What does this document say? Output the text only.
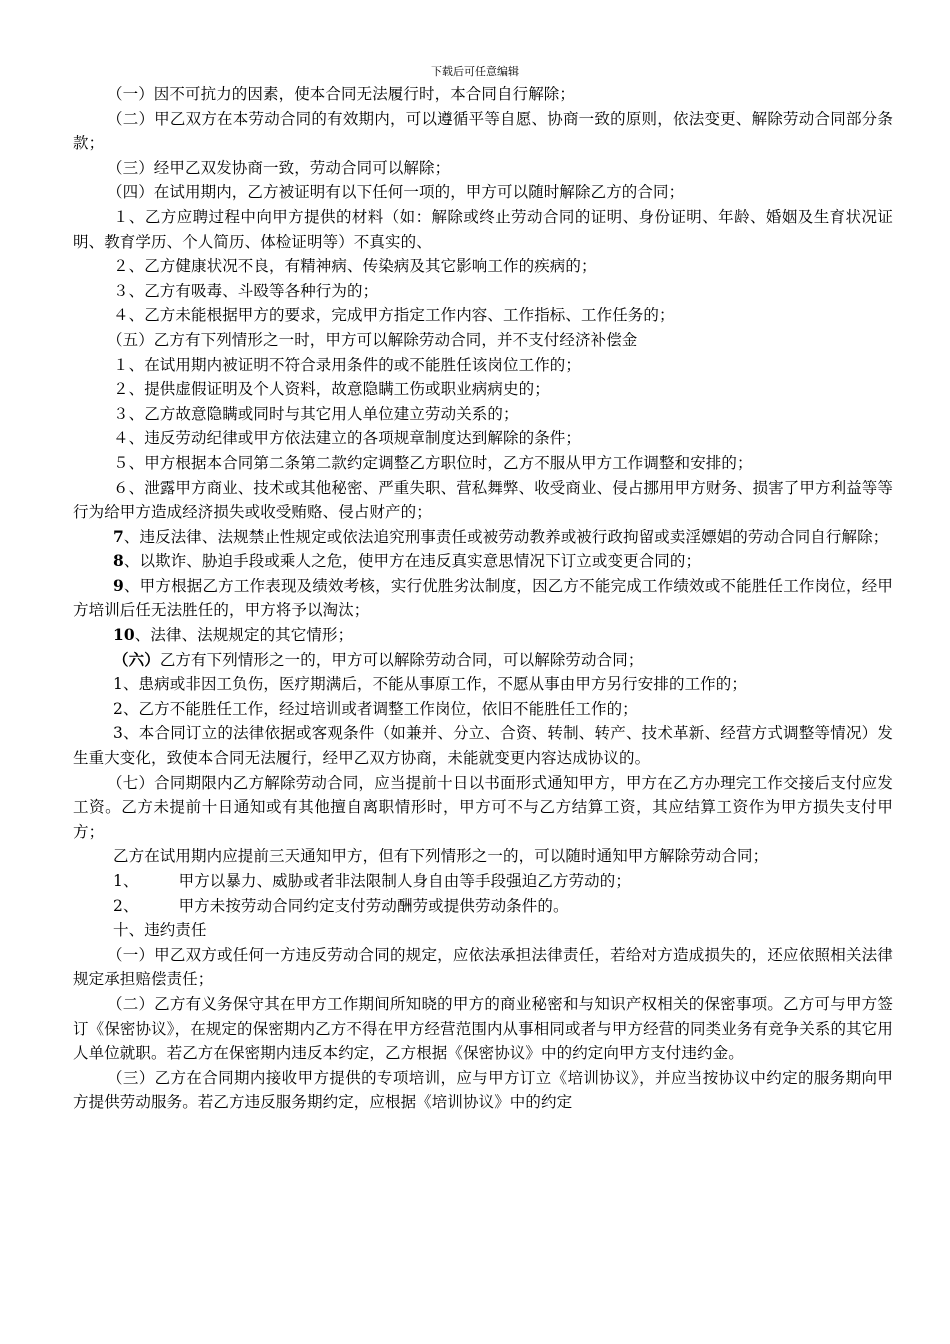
下载后可任意编辑

（一）因不可抗力的因素，使本合同无法履行时，本合同自行解除；

（二）甲乙双方在本劳动合同的有效期内，可以遵循平等自愿、协商一致的原则，依法变更、解除劳动合同部分条款；

（三）经甲乙双发协商一致，劳动合同可以解除；

（四）在试用期内，乙方被证明有以下任何一项的，甲方可以随时解除乙方的合同；

１、乙方应聘过程中向甲方提供的材料（如：解除或终止劳动合同的证明、身份证明、年龄、婚姻及生育状况证明、教育学历、个人简历、体检证明等）不真实的、

２、乙方健康状况不良，有精神病、传染病及其它影响工作的疾病的；

３、乙方有吸毒、斗殴等各种行为的；

４、乙方未能根据甲方的要求，完成甲方指定工作内容、工作指标、工作任务的；

（五）乙方有下列情形之一时，甲方可以解除劳动合同，并不支付经济补偿金

１、在试用期内被证明不符合录用条件的或不能胜任该岗位工作的；

２、提供虚假证明及个人资料，故意隐瞒工伤或职业病病史的；

３、乙方故意隐瞒或同时与其它用人单位建立劳动关系的；

４、违反劳动纪律或甲方依法建立的各项规章制度达到解除的条件；

５、甲方根据本合同第二条第二款约定调整乙方职位时，乙方不服从甲方工作调整和安排的；

６、泄露甲方商业、技术或其他秘密、严重失职、营私舞弊、收受商业、侵占挪用甲方财务、损害了甲方利益等等行为给甲方造成经济损失或收受贿赂、侵占财产的；

7、违反法律、法规禁止性规定或依法追究刑事责任或被劳动教养或被行政拘留或卖淫嫖娼的劳动合同自行解除；

8、以欺诈、胁迫手段或乘人之危，使甲方在违反真实意思情况下订立或变更合同的；

9、甲方根据乙方工作表现及绩效考核，实行优胜劣汰制度，因乙方不能完成工作绩效或不能胜任工作岗位，经甲方培训后任无法胜任的，甲方将予以淘汰；

10、法律、法规规定的其它情形；

（六）乙方有下列情形之一的，甲方可以解除劳动合同，可以解除劳动合同；

1、患病或非因工负伤，医疗期满后，不能从事原工作，不愿从事由甲方另行安排的工作的；

2、乙方不能胜任工作，经过培训或者调整工作岗位，依旧不能胜任工作的；

3、本合同订立的法律依据或客观条件（如兼并、分立、合资、转制、转产、技术革新、经营方式调整等情况）发生重大变化，致使本合同无法履行，经甲乙双方协商，未能就变更内容达成协议的。

（七）合同期限内乙方解除劳动合同，应当提前十日以书面形式通知甲方，甲方在乙方办理完工作交接后支付应发工资。乙方未提前十日通知或有其他擅自离职情形时，甲方可不与乙方结算工资，其应结算工资作为甲方损失支付甲方；

乙方在试用期内应提前三天通知甲方，但有下列情形之一的，可以随时通知甲方解除劳动合同；

1、	甲方以暴力、威胁或者非法限制人身自由等手段强迫乙方劳动的；

2、	甲方未按劳动合同约定支付劳动酬劳或提供劳动条件的。

十、违约责任

（一）甲乙双方或任何一方违反劳动合同的规定，应依法承担法律责任，若给对方造成损失的，还应依照相关法律规定承担赔偿责任；

（二）乙方有义务保守其在甲方工作期间所知晓的甲方的商业秘密和与知识产权相关的保密事项。乙方可与甲方签订《保密协议》，在规定的保密期内乙方不得在甲方经营范围内从事相同或者与甲方经营的同类业务有竞争关系的其它用人单位就职。若乙方在保密期内违反本约定，乙方根据《保密协议》中的约定向甲方支付违约金。

（三）乙方在合同期内接收甲方提供的专项培训，应与甲方订立《培训协议》，并应当按协议中约定的服务期向甲方提供劳动服务。若乙方违反服务期约定，应根据《培训协议》中的约定
